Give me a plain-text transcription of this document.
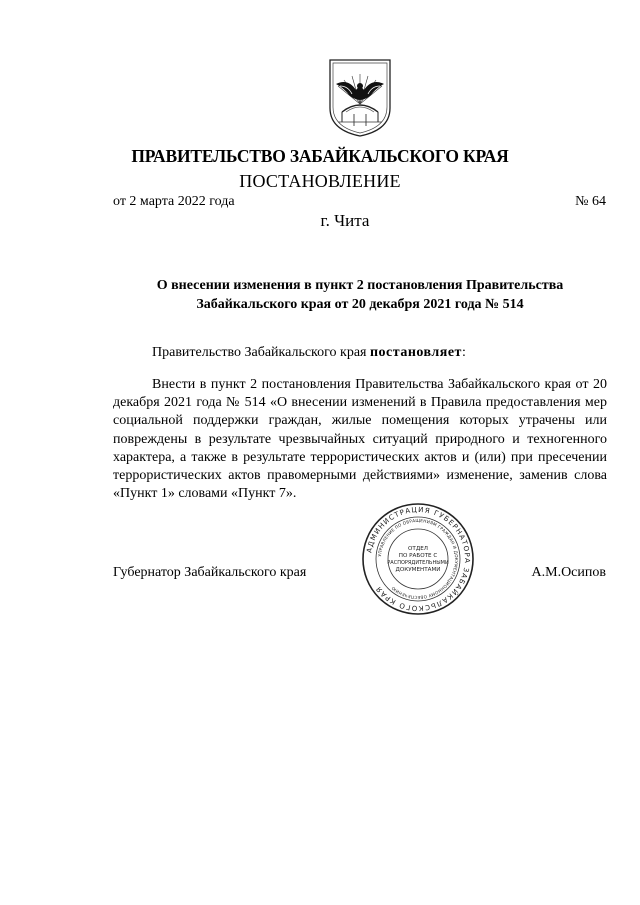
ПРАВИТЕЛЬСТВО ЗАБАЙКАЛЬСКОГО КРАЯ
ПОСТАНОВЛЕНИЕ
от 2 марта 2022 года	№ 64
г. Чита
О внесении изменения в пункт 2 постановления Правительства
Забайкальского края от 20 декабря 2021 года № 514
Правительство Забайкальского края постановляет:
Внести в пункт 2 постановления Правительства Забайкальского края от 20 декабря 2021 года № 514 «О внесении изменений в Правила предоставления мер социальной поддержки граждан, жилые помещения которых утрачены или повреждены в результате чрезвычайных ситуаций природного и техногенного характера, а также в результате террористических актов и (или) при пресечении террористических актов правомерными действиями» изменение, заменив слова «Пункт 1» словами «Пункт 7».
Губернатор Забайкальского края	А.М.Осипов
АДМИНИСТРАЦИЯ ГУБЕРНАТОРА ЗАБАЙКАЛЬСКОГО КРАЯ
УПРАВЛЕНИЕ ПО ОБРАЩЕНИЯМ ГРАЖДАН И ДОКУМЕНТАЦИОННОМУ ОБЕСПЕЧЕНИЮ
ОТДЕЛ
ПО РАБОТЕ С
РАСПОРЯДИТЕЛЬНЫМИ
ДОКУМЕНТАМИ
